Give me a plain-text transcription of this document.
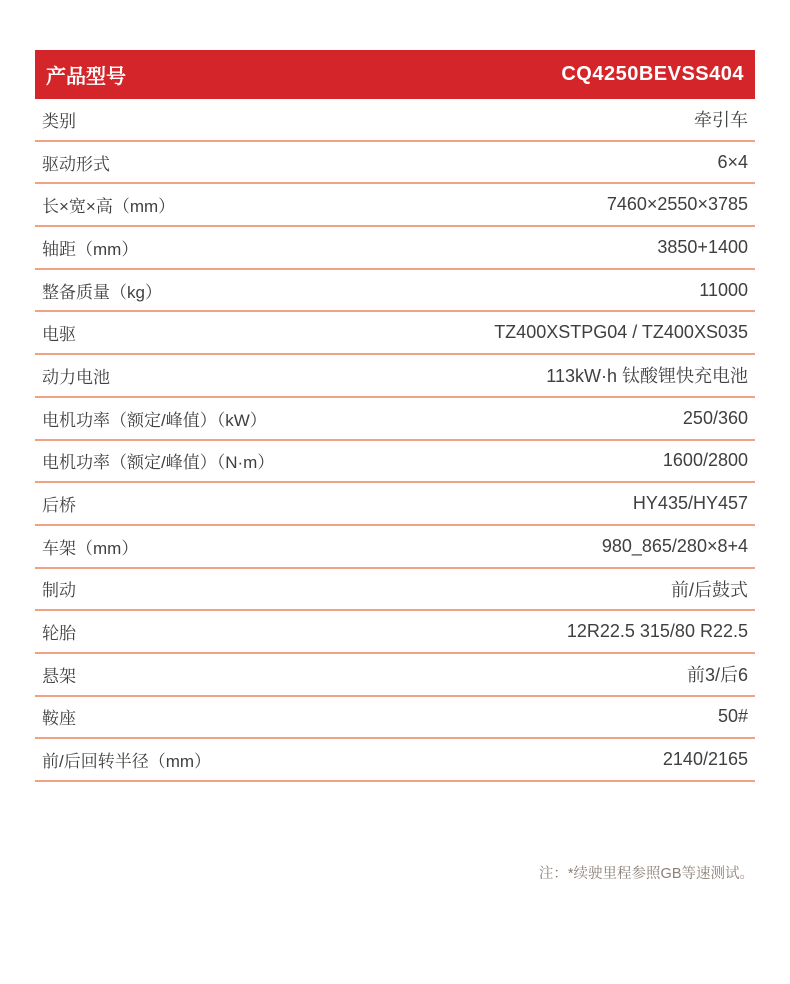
产品型号	CQ4250BEVSS404
类别	牵引车
驱动形式	6×4
长×宽×高（mm）	7460×2550×3785
轴距（mm）	3850+1400
整备质量（kg）	11000
电驱	TZ400XSTPG04 / TZ400XS035
动力电池	113kW·h 钛酸锂快充电池
电机功率（额定/峰值）（kW）	250/360
电机功率（额定/峰值）（N·m）	1600/2800
后桥	HY435/HY457
车架（mm）	980_865/280×8+4
制动	前/后鼓式
轮胎	12R22.5 315/80 R22.5
悬架	前3/后6
鞍座	50#
前/后回转半径（mm）	2140/2165
注：*续驶里程参照GB等速测试。
